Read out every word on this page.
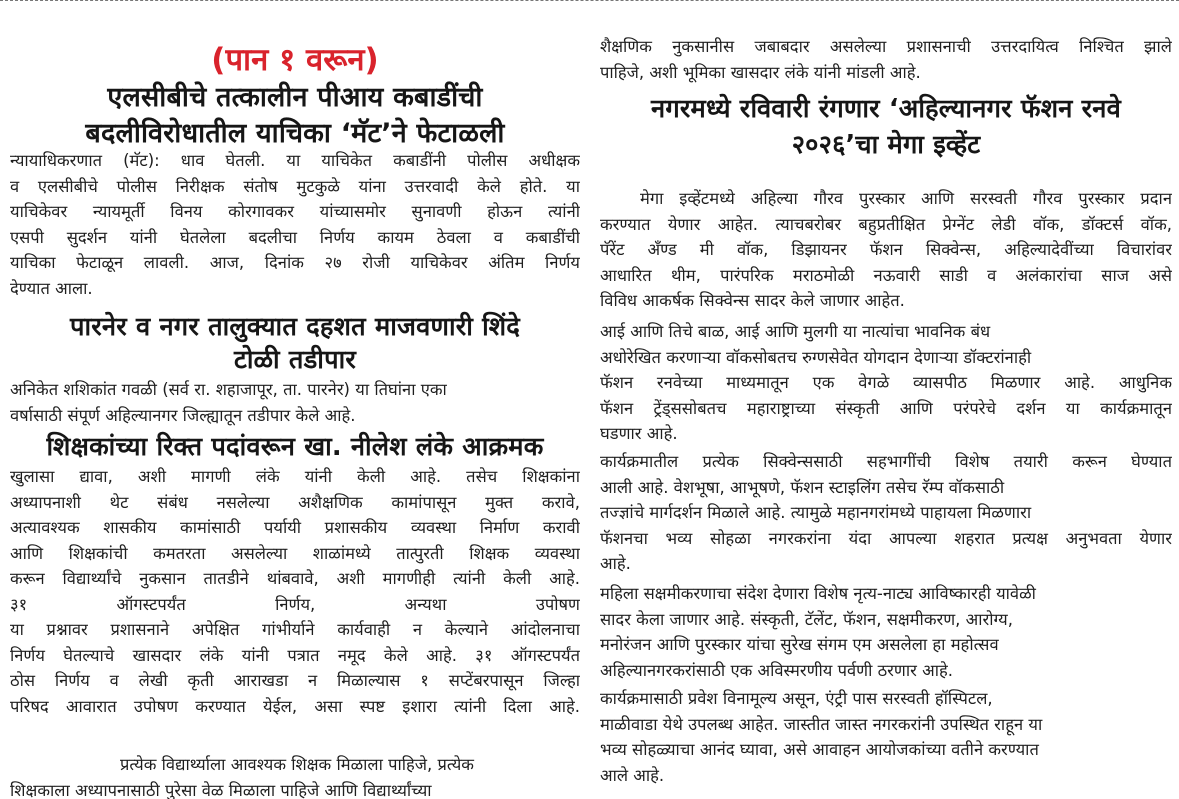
(पान १ वरून)
एलसीबीचे तत्कालीन पीआय कबाडींची
बदलीविरोधातील याचिका ‘मॅट’ने फेटाळली
न्यायाधिकरणात (मॅट): धाव घेतली. या याचिकेत कबाडींनी पोलीस अधीक्षक
व एलसीबीचे पोलीस निरीक्षक संतोष मुटकुळे यांना उत्तरवादी केले होते. या
याचिकेवर न्यायमूर्ती विनय कोरगावकर यांच्यासमोर सुनावणी होऊन त्यांनी
एसपी सुदर्शन यांनी घेतलेला बदलीचा निर्णय कायम ठेवला व कबाडींची
याचिका फेटाळून लावली. आज, दिनांक २७ रोजी याचिकेवर अंतिम निर्णय
देण्यात आला.
पारनेर व नगर तालुक्यात दहशत माजवणारी शिंदे
टोळी तडीपार
अनिकेत शशिकांत गवळी (सर्व रा. शहाजापूर, ता. पारनेर) या तिघांना एका
वर्षासाठी संपूर्ण अहिल्यानगर जिल्ह्यातून तडीपार केले आहे.
शिक्षकांच्या रिक्त पदांवरून खा. नीलेश लंके आक्रमक
खुलासा द्यावा, अशी मागणी लंके यांनी केली आहे. तसेच शिक्षकांना
अध्यापनाशी थेट संबंध नसलेल्या अशैक्षणिक कामांपासून मुक्त करावे,
अत्यावश्यक शासकीय कामांसाठी पर्यायी प्रशासकीय व्यवस्था निर्माण करावी
आणि शिक्षकांची कमतरता असलेल्या शाळांमध्ये तात्पुरती शिक्षक व्यवस्था
करून विद्यार्थ्यांचे नुकसान तातडीने थांबवावे, अशी मागणीही त्यांनी केली आहे.
३१ ऑगस्टपर्यंत निर्णय, अन्यथा उपोषण
या प्रश्नावर प्रशासनाने अपेक्षित गांभीर्याने कार्यवाही न केल्याने आंदोलनाचा
निर्णय घेतल्याचे खासदार लंके यांनी पत्रात नमूद केले आहे. ३१ ऑगस्टपर्यंत
ठोस निर्णय व लेखी कृती आराखडा न मिळाल्यास १ सप्टेंबरपासून जिल्हा
परिषद आवारात उपोषण करण्यात येईल, असा स्पष्ट इशारा त्यांनी दिला आहे.
प्रत्येक विद्यार्थ्याला आवश्यक शिक्षक मिळाला पाहिजे, प्रत्येक
शिक्षकाला अध्यापनासाठी पुरेसा वेळ मिळाला पाहिजे आणि विद्यार्थ्यांच्या
शैक्षणिक नुकसानीस जबाबदार असलेल्या प्रशासनाची उत्तरदायित्व निश्चित झाले
पाहिजे, अशी भूमिका खासदार लंके यांनी मांडली आहे.
नगरमध्ये रविवारी रंगणार ‘अहिल्यानगर फॅशन रनवे
२०२६’चा मेगा इव्हेंट
मेगा इव्हेंटमध्ये अहिल्या गौरव पुरस्कार आणि सरस्वती गौरव पुरस्कार प्रदान
करण्यात येणार आहेत. त्याचबरोबर बहुप्रतीक्षित प्रेग्नेंट लेडी वॉक, डॉक्टर्स वॉक,
पॅरेंट अँण्ड मी वॉक, डिझायनर फॅशन सिक्वेन्स, अहिल्यादेवींच्या विचारांवर
आधारित थीम, पारंपरिक मराठमोळी नऊवारी साडी व अलंकारांचा साज असे
विविध आकर्षक सिक्वेन्स सादर केले जाणार आहेत.
आई आणि तिचे बाळ, आई आणि मुलगी या नात्यांचा भावनिक बंध
अधोरेखित करणाऱ्या वॉकसोबतच रुग्णसेवेत योगदान देणाऱ्या डॉक्टरांनाही
फॅशन रनवेच्या माध्यमातून एक वेगळे व्यासपीठ मिळणार आहे. आधुनिक
फॅशन ट्रेंड्ससोबतच महाराष्ट्राच्या संस्कृती आणि परंपरेचे दर्शन या कार्यक्रमातून
घडणार आहे.
कार्यक्रमातील प्रत्येक सिक्वेन्ससाठी सहभागींची विशेष तयारी करून घेण्यात
आली आहे. वेशभूषा, आभूषणे, फॅशन स्टाइलिंग तसेच रॅम्प वॉकसाठी
तज्ज्ञांचे मार्गदर्शन मिळाले आहे. त्यामुळे महानगरांमध्ये पाहायला मिळणारा
फॅशनचा भव्य सोहळा नगरकरांना यंदा आपल्या शहरात प्रत्यक्ष अनुभवता येणार
आहे.
महिला सक्षमीकरणाचा संदेश देणारा विशेष नृत्य-नाट्य आविष्कारही यावेळी
सादर केला जाणार आहे. संस्कृती, टॅलेंट, फॅशन, सक्षमीकरण, आरोग्य,
मनोरंजन आणि पुरस्कार यांचा सुरेख संगम एम असलेला हा महोत्सव
अहिल्यानगरकरांसाठी एक अविस्मरणीय पर्वणी ठरणार आहे.
कार्यक्रमासाठी प्रवेश विनामूल्य असून, एंट्री पास सरस्वती हॉस्पिटल,
माळीवाडा येथे उपलब्ध आहेत. जास्तीत जास्त नगरकरांनी उपस्थित राहून या
भव्य सोहळ्याचा आनंद घ्यावा, असे आवाहन आयोजकांच्या वतीने करण्यात
आले आहे.
